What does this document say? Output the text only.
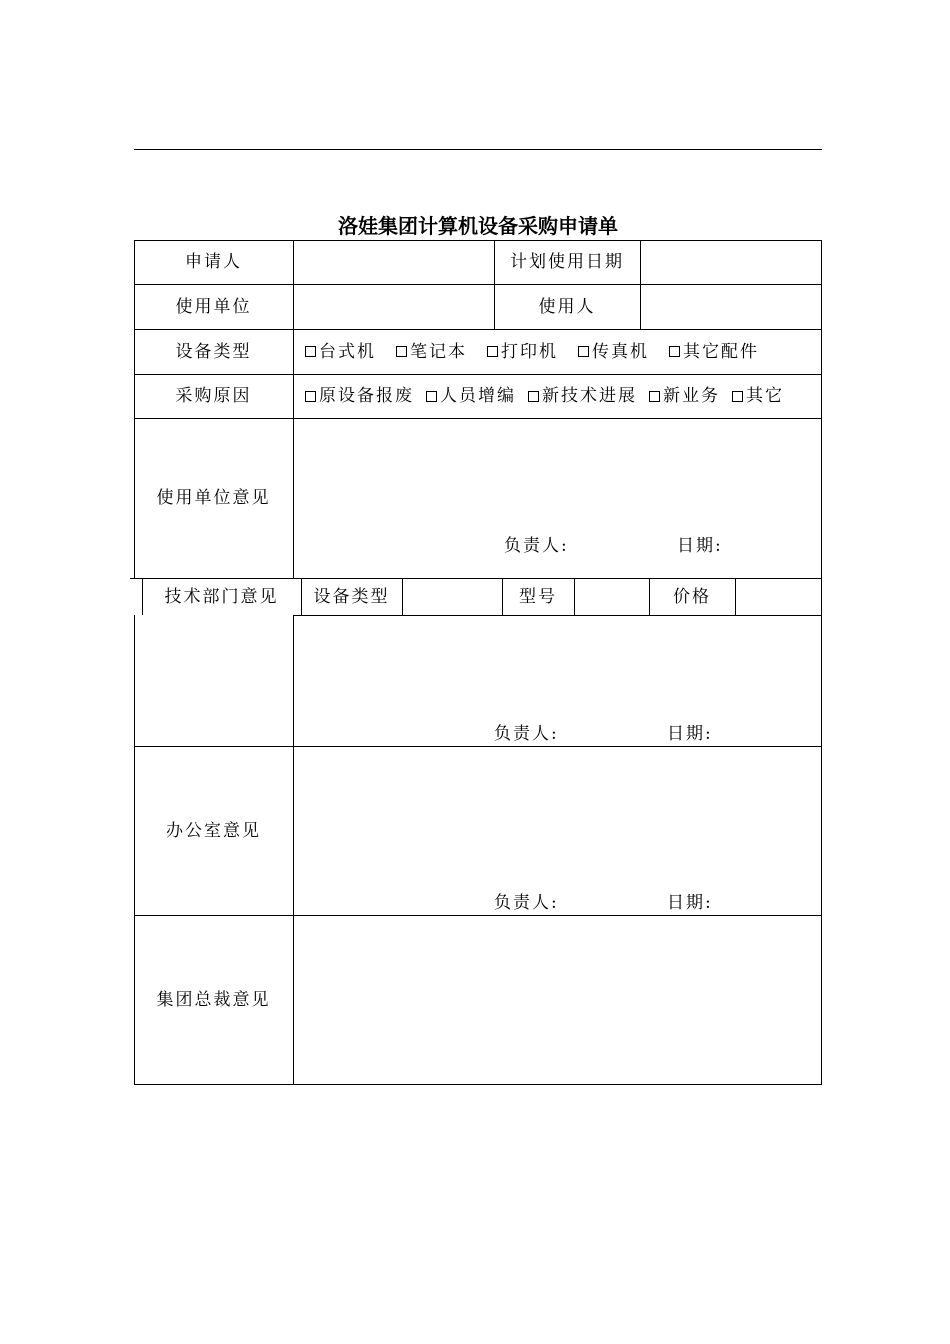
洛娃集团计算机设备采购申请单
申请人	计划使用日期
使用单位	使用人
设备类型	台式机 笔记本 打印机 传真机 其它配件
采购原因	原设备报废 人员增编 新技术进展 新业务 其它
使用单位意见
负责人:	日期:
技术部门意见	设备类型	型号	价格
负责人:	日期:
办公室意见
负责人:	日期:
集团总裁意见
